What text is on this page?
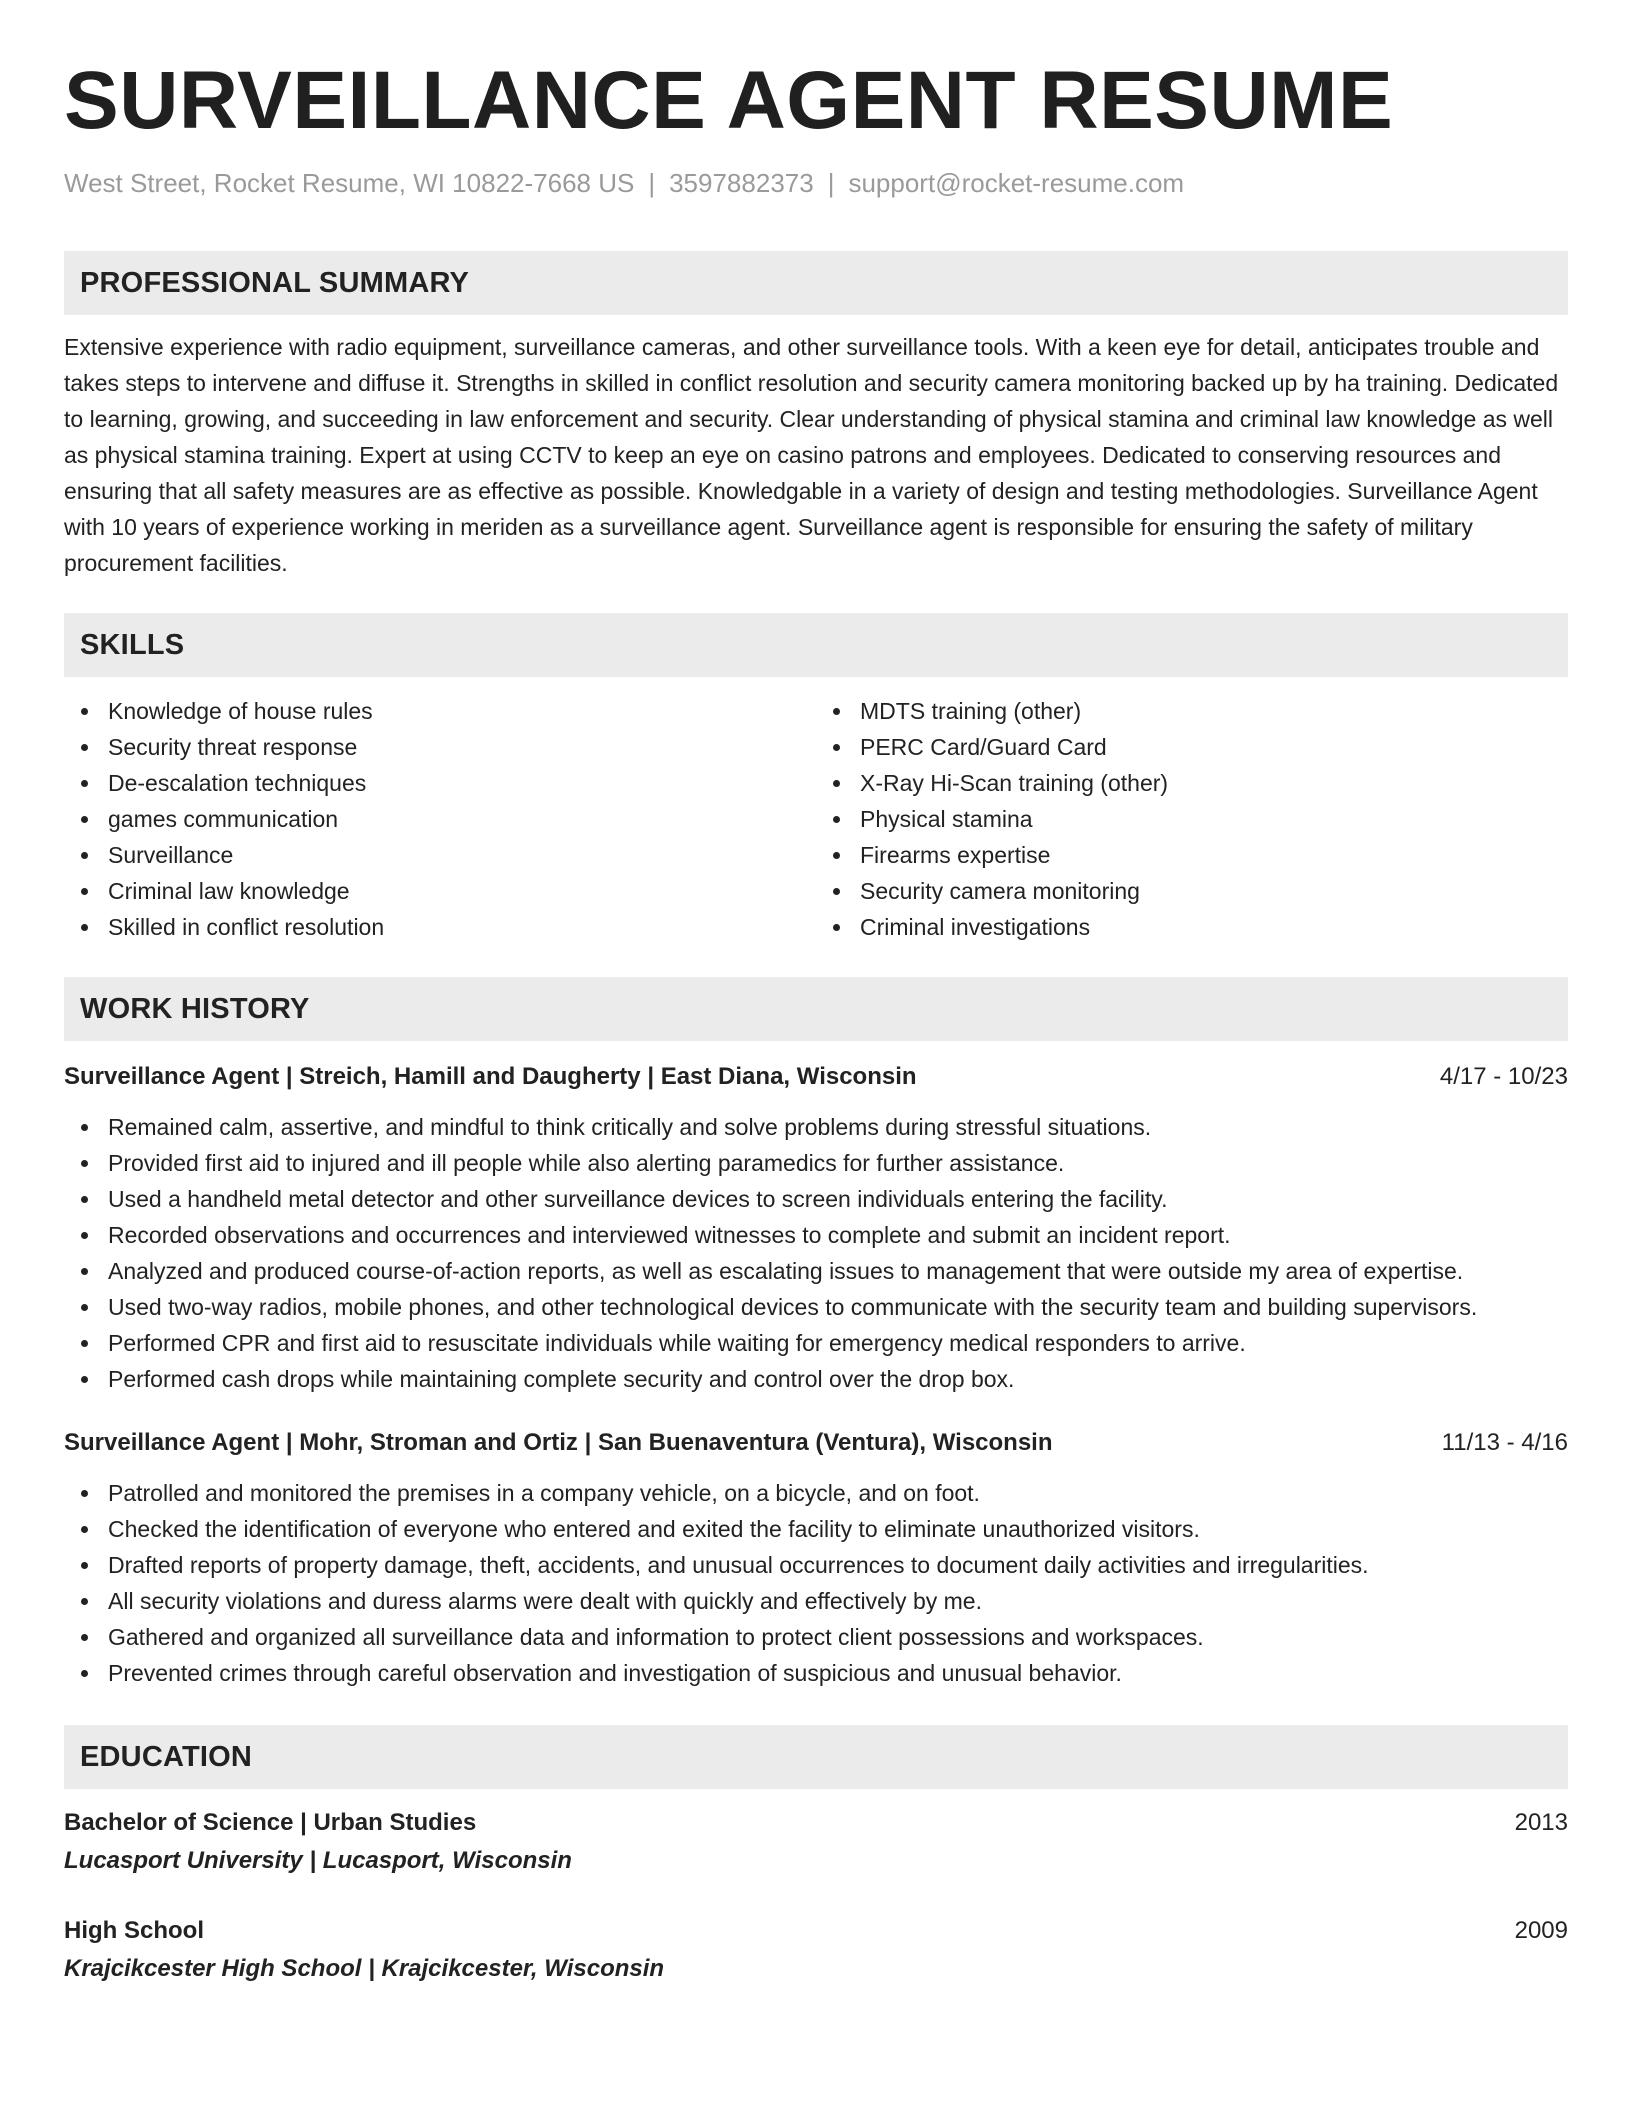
SURVEILLANCE AGENT RESUME
West Street, Rocket Resume, WI 10822-7668 US | 3597882373 | support@rocket-resume.com
PROFESSIONAL SUMMARY

Extensive experience with radio equipment, surveillance cameras, and other surveillance tools. With a keen eye for detail, anticipates trouble and takes steps to intervene and diffuse it. Strengths in skilled in conflict resolution and security camera monitoring backed up by ha training. Dedicated to learning, growing, and succeeding in law enforcement and security. Clear understanding of physical stamina and criminal law knowledge as well as physical stamina training. Expert at using CCTV to keep an eye on casino patrons and employees. Dedicated to conserving resources and ensuring that all safety measures are as effective as possible. Knowledgable in a variety of design and testing methodologies. Surveillance Agent with 10 years of experience working in meriden as a surveillance agent. Surveillance agent is responsible for ensuring the safety of military procurement facilities.

SKILLS
Knowledge of house rules
Security threat response
De-escalation techniques
games communication
Surveillance
Criminal law knowledge
Skilled in conflict resolution
MDTS training (other)
PERC Card/Guard Card
X-Ray Hi-Scan training (other)
Physical stamina
Firearms expertise
Security camera monitoring
Criminal investigations
WORK HISTORY
Surveillance Agent | Streich, Hamill and Daugherty | East Diana, Wisconsin	4/17 - 10/23
Remained calm, assertive, and mindful to think critically and solve problems during stressful situations.
Provided first aid to injured and ill people while also alerting paramedics for further assistance.
Used a handheld metal detector and other surveillance devices to screen individuals entering the facility.
Recorded observations and occurrences and interviewed witnesses to complete and submit an incident report.
Analyzed and produced course-of-action reports, as well as escalating issues to management that were outside my area of expertise.
Used two-way radios, mobile phones, and other technological devices to communicate with the security team and building supervisors.
Performed CPR and first aid to resuscitate individuals while waiting for emergency medical responders to arrive.
Performed cash drops while maintaining complete security and control over the drop box.
Surveillance Agent | Mohr, Stroman and Ortiz | San Buenaventura (Ventura), Wisconsin	11/13 - 4/16
Patrolled and monitored the premises in a company vehicle, on a bicycle, and on foot.
Checked the identification of everyone who entered and exited the facility to eliminate unauthorized visitors.
Drafted reports of property damage, theft, accidents, and unusual occurrences to document daily activities and irregularities.
All security violations and duress alarms were dealt with quickly and effectively by me.
Gathered and organized all surveillance data and information to protect client possessions and workspaces.
Prevented crimes through careful observation and investigation of suspicious and unusual behavior.
EDUCATION
Bachelor of Science | Urban Studies	2013
Lucasport University | Lucasport, Wisconsin
High School	2009
Krajcikcester High School | Krajcikcester, Wisconsin
